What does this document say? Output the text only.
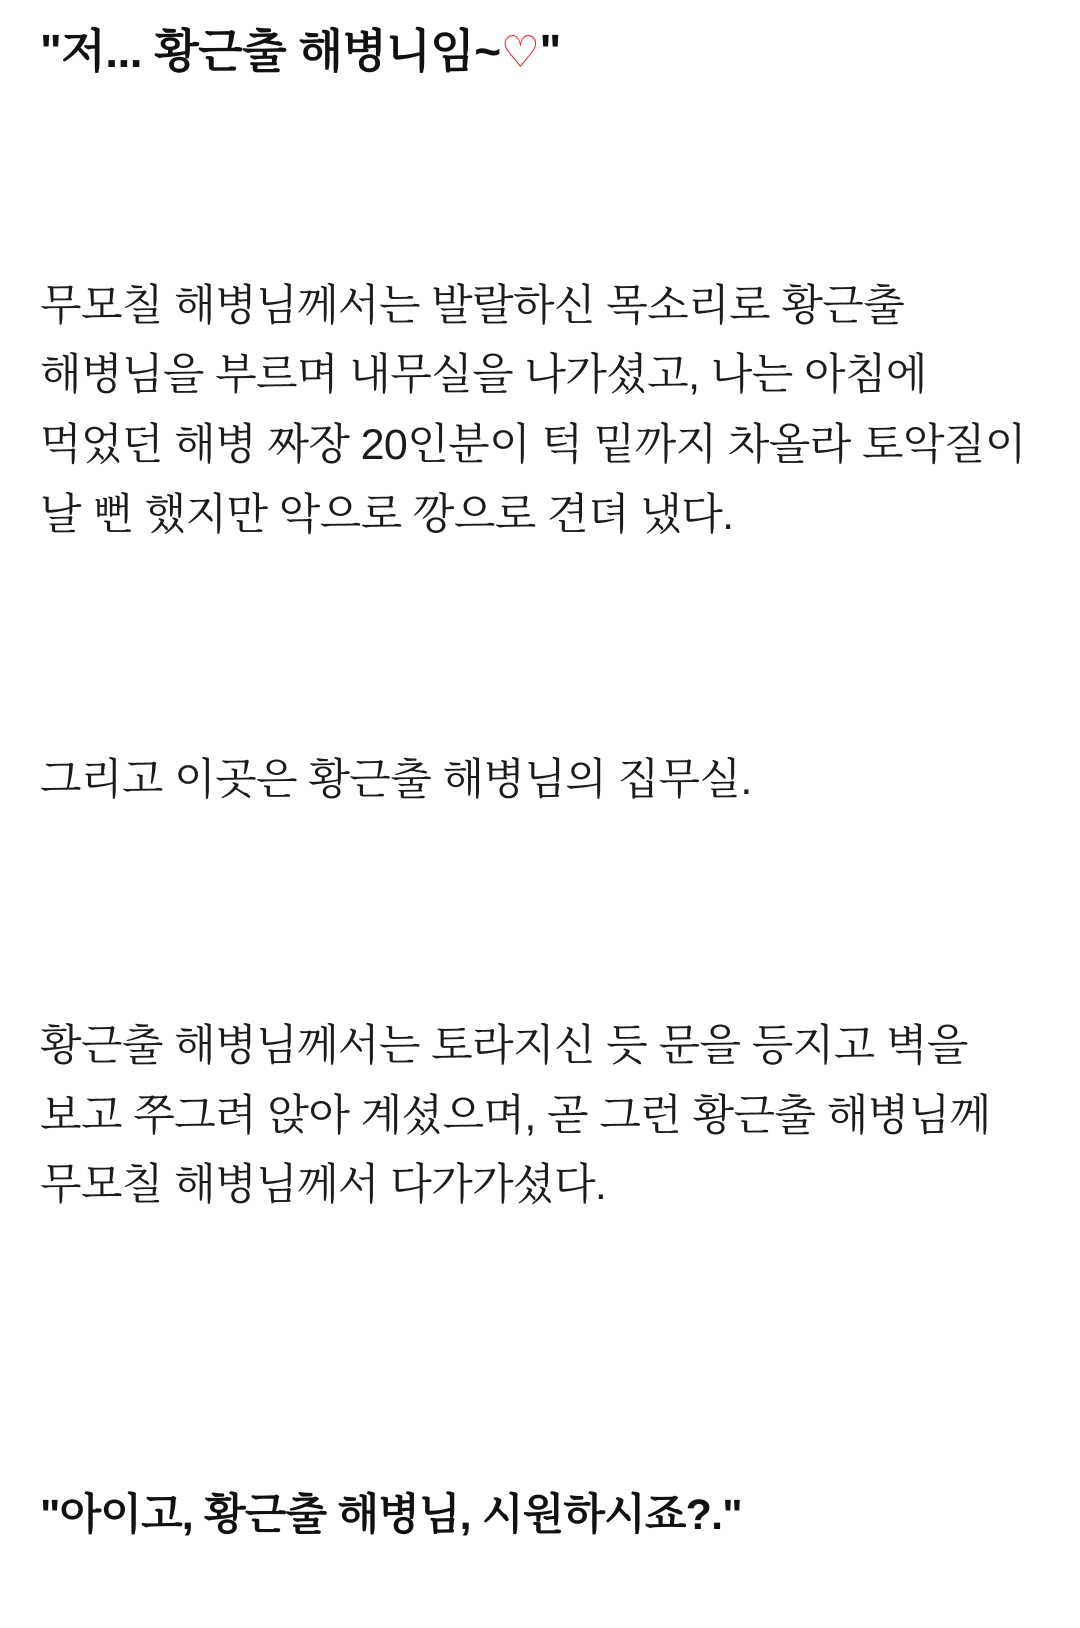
"저... 황근출 해병니임~♡"

무모칠 해병님께서는 발랄하신 목소리로 황근출 해병님을 부르며 내무실을 나가셨고, 나는 아침에 먹었던 해병 짜장 20인분이 턱 밑까지 차올라 토악질이 날 뻔 했지만 악으로 깡으로 견뎌 냈다.

그리고 이곳은 황근출 해병님의 집무실.

황근출 해병님께서는 토라지신 듯 문을 등지고 벽을 보고 쭈그려 앉아 계셨으며, 곧 그런 황근출 해병님께 무모칠 해병님께서 다가가셨다.

"아이고, 황근출 해병님, 시원하시죠?."
